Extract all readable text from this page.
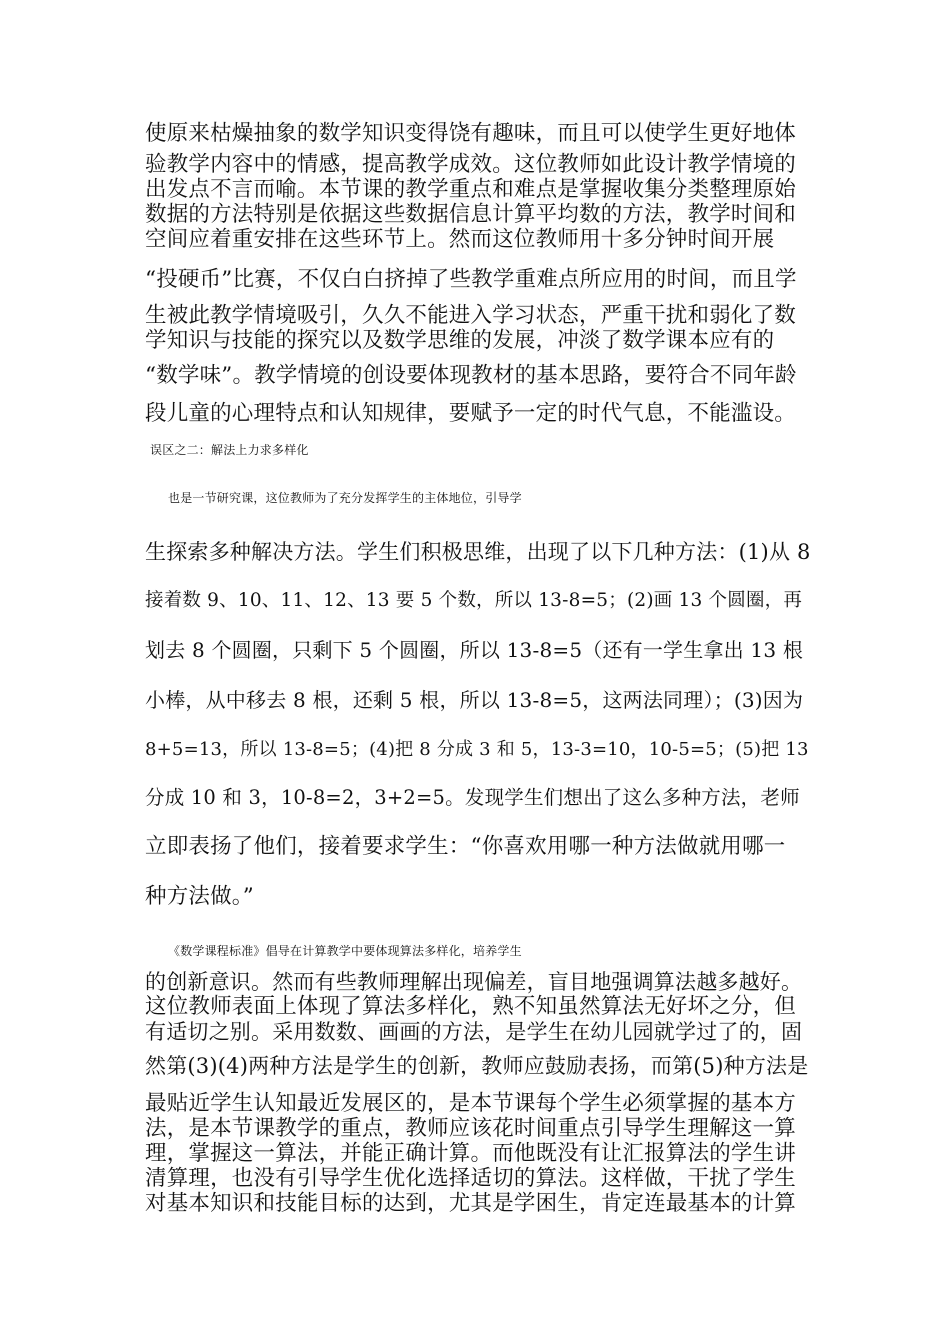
使原来枯燥抽象的数学知识变得饶有趣味，而且可以使学生更好地体
验教学内容中的情感，提高教学成效。这位教师如此设计教学情境的
出发点不言而喻。本节课的教学重点和难点是掌握收集分类整理原始
数据的方法特别是依据这些数据信息计算平均数的方法，教学时间和
空间应着重安排在这些环节上。然而这位教师用十多分钟时间开展
“投硬币”比赛，不仅白白挤掉了些教学重难点所应用的时间，而且学
生被此教学情境吸引，久久不能进入学习状态，严重干扰和弱化了数
学知识与技能的探究以及数学思维的发展，冲淡了数学课本应有的
“数学味”。教学情境的创设要体现教材的基本思路，要符合不同年龄
段儿童的心理特点和认知规律，要赋予一定的时代气息，不能滥设。
误区之二：解法上力求多样化
也是一节研究课，这位教师为了充分发挥学生的主体地位，引导学
生探索多种解决方法。学生们积极思维，出现了以下几种方法：(1)从 8
接着数 9、10、11、12、13 要 5 个数，所以 13-8=5；(2)画 13 个圆圈，再
划去 8 个圆圈，只剩下 5 个圆圈，所以 13-8=5（还有一学生拿出 13 根
小棒，从中移去 8 根，还剩 5 根，所以 13-8=5，这两法同理）；(3)因为
8+5=13，所以 13-8=5；(4)把 8 分成 3 和 5，13-3=10，10-5=5；(5)把 13
分成 10 和 3，10-8=2，3+2=5。发现学生们想出了这么多种方法，老师
立即表扬了他们，接着要求学生：“你喜欢用哪一种方法做就用哪一
种方法做。”
《数学课程标准》倡导在计算教学中要体现算法多样化，培养学生
的创新意识。然而有些教师理解出现偏差，盲目地强调算法越多越好。
这位教师表面上体现了算法多样化，熟不知虽然算法无好坏之分，但
有适切之别。采用数数、画画的方法，是学生在幼儿园就学过了的，固
然第(3)(4)两种方法是学生的创新，教师应鼓励表扬，而第(5)种方法是
最贴近学生认知最近发展区的，是本节课每个学生必须掌握的基本方
法，是本节课教学的重点，教师应该花时间重点引导学生理解这一算
理，掌握这一算法，并能正确计算。而他既没有让汇报算法的学生讲
清算理，也没有引导学生优化选择适切的算法。这样做，干扰了学生
对基本知识和技能目标的达到，尤其是学困生，肯定连最基本的计算
